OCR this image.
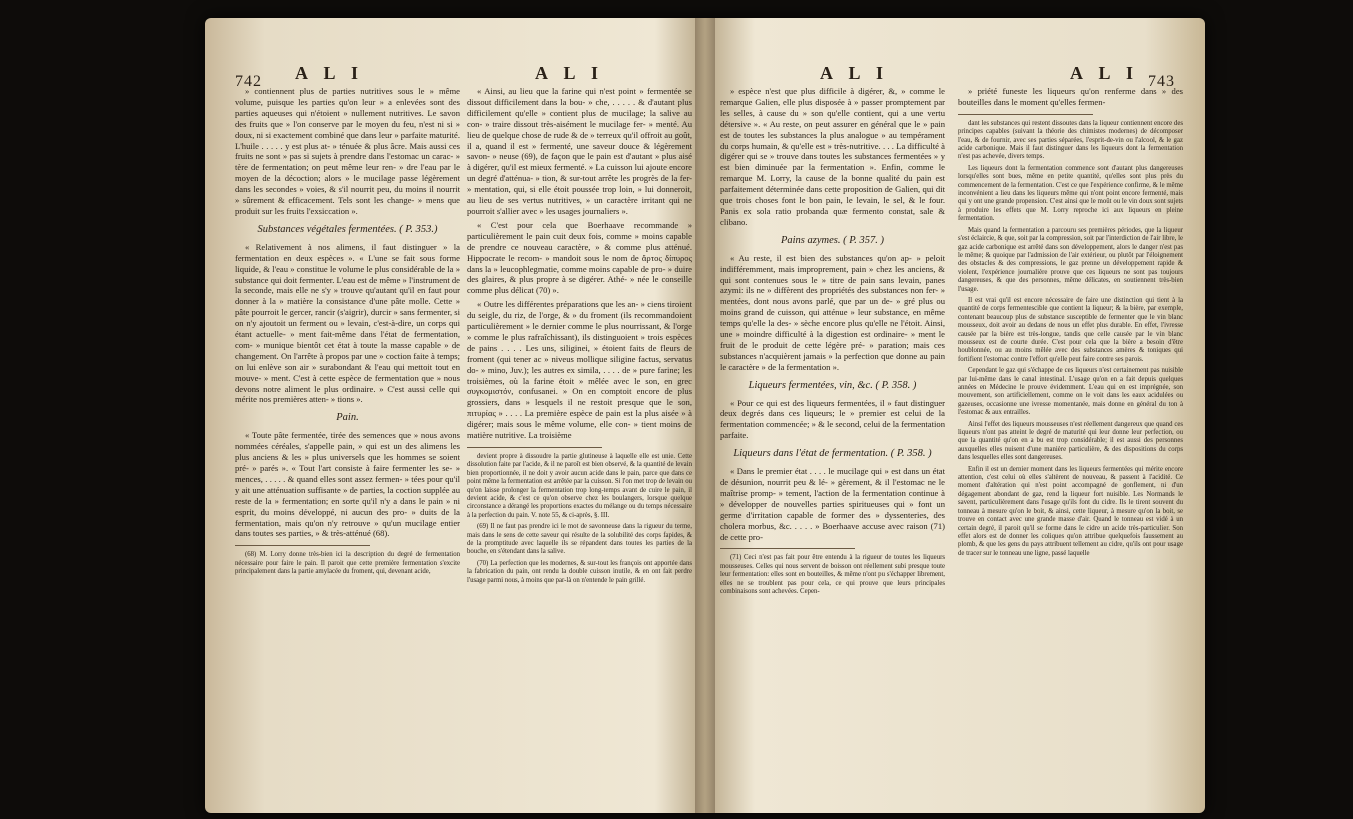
742 A L I	A L I

» contiennent plus de parties nutritives sous le » même volume, puisque les parties qu'on leur » a enlevées sont des parties aqueuses qui n'étoient » nullement nutritives. Le savon des fruits que » l'on conserve par le moyen du feu, n'est ni si » doux, ni si exactement combiné que dans leur » parfaite maturité. L'huile . . . . . y est plus at- » ténuée & plus âcre. Mais aussi ces fruits ne sont » pas si sujets à prendre dans l'estomac un carac- » tère de fermentation; on peut même leur ren- » dre l'eau par le moyen de la décoction; alors » le mucilage passe légèrement dans les secondes » voies, & s'il nourrit peu, du moins il nourrit » sûrement & efficacement. Tels sont les change- » mens que produit sur les fruits l'exsiccation ».

Substances végétales fermentées. ( P. 353.)

« Relativement à nos alimens, il faut distinguer » la fermentation en deux espèces ». « L'une se fait sous forme liquide, & l'eau » constitue le volume le plus considérable de la » substance qui doit fermenter. L'eau est de même » l'instrument de la seconde, mais elle ne s'y » trouve qu'autant qu'il en faut pour donner à la » matière la consistance d'une pâte molle. Cette » pâte pourroit le gercer, rancir (s'aigrir), durcir » sans fermenter, si on n'y ajoutoit un ferment ou » levain, c'est-à-dire, un corps qui étant actuelle- » ment fait-même dans l'état de fermentation, com- » munique bientôt cet état à toute la masse capable » de changement. On l'arrête à propos par une » coction faite à temps; on lui enlève son air » surabondant & l'eau qui mettoit tout en mouve- » ment. C'est à cette espèce de fermentation que » nous devons notre aliment le plus ordinaire. » C'est aussi celle qui mérite nos premières atten- » tions ».

Pain.

« Toute pâte fermentée, tirée des semences que » nous avons nommées céréales, s'appelle pain, » qui est un des alimens les plus anciens & les » plus universels que les hommes se soient pré- » parés ». « Tout l'art consiste à faire fermenter les se- » mences, . . . . . & quand elles sont assez fermen- » tées pour qu'il y ait une atténuation suffisante » de parties, la coction supplée au reste de la » fermentation; en sorte qu'il n'y a dans le pain » ni esprit, du moins développé, ni aucun des pro- » duits de la fermentation, mais qu'on n'y retrouve » qu'un mucilage entier dans toutes ses parties, » & très-atténué (68).

(68) M. Lorry donne très-bien ici la description du degré de fermentation nécessaire pour faire le pain. Il paroit que cette première fermentation s'excite principalement dans la partie amylacée du froment, qui, devenant acide,

« Ainsi, au lieu que la farine qui n'est point » fermentée se dissout difficilement dans la bou- » che, . . . . . & d'autant plus difficilement qu'elle » contient plus de mucilage; la salive au con- » traire dissout très-aisément le mucilage fer- » menté. Au lieu de quelque chose de rude & de » terreux qu'il offroit au goût, il a, quand il est » fermenté, une saveur douce & légèrement savon- » neuse (69), de façon que le pain est d'autant » plus aisé à digérer, qu'il est mieux fermenté. » La cuisson lui ajoute encore un degré d'atténua- » tion, & sur-tout arrête les progrès de la fer- » mentation, qui, si elle étoit poussée trop loin, » lui donneroit, au lieu de ses vertus nutritives, » un caractère irritant qui ne pourroit s'allier avec » les usages journaliers ».

« C'est pour cela que Boerhaave recommande » particulièrement le pain cuit deux fois, comme » moins capable de prendre ce nouveau caractère, » & comme plus atténué. Hippocrate le recom- » mandoit sous le nom de ἄρτος δίπυρος dans la » leucophlegmatie, comme moins capable de pro- » duire des glaires, & plus propre à se digérer. Athé- » née le conseille comme plus délicat (70) ».

« Outre les différentes préparations que les an- » ciens tiroient du seigle, du riz, de l'orge, & » du froment (ils recommandoient particulièrement » le dernier comme le plus nourrissant, & l'orge » comme le plus rafraîchissant), ils distinguoient » trois espèces de pains . . . . Les uns, siliginei, » étoient faits de fleurs de froment (qui tener ac » niveus mollique siligine factus, servatus do- » mino, Juv.); les autres ex simila, . . . . de » pure farine; les troisièmes, où la farine étoit » mêlée avec le son, en grec συγκομιστόν, confusanei. » On en comptoit encore de plus grossiers, dans » lesquels il ne restoit presque que le son, πιτυρίας » . . . . La première espèce de pain est la plus aisée » à digérer; mais sous le même volume, elle con- » tient moins de matière nutritive. La troisième

devient propre à dissoudre la partie glutineuse à laquelle elle est unie. Cette dissolution faite par l'acide, & il ne paroît est bien observé, & la quantité de levain bien proportionnée, il ne doit y avoir aucun acide dans le pain, parce que dans ce point même la fermentation est arrêtée par la cuisson. Si l'on met trop de levain ou qu'on laisse prolonger la fermentation trop long-temps avant de cuire le pain, il devient acide, & c'est ce qu'on observe chez les boulangers, lorsque quelque circonstance a dérangé les proportions exactes du mélange ou du temps nécessaire à la perfection du pain. V. note 55, & ci-après, §. III.

(69) Il ne faut pas prendre ici le mot de savonneuse dans la rigueur du terme, mais dans le sens de cette saveur qui résulte de la solubilité des corps fapides, & de la promptitude avec laquelle ils se répandent dans toutes les parties de la bouche, en s'étendant dans la salive.

(70) La perfection que les modernes, & sur-tout les françois ont apportée dans la fabrication du pain, ont rendu la double cuisson inutile, & en ont fait perdre l'usage parmi nous, à moins que par-là on n'entende le pain grillé.

A L I	A L I 743

» espèce n'est que plus difficile à digérer, &, » comme le remarque Galien, elle plus disposée à » passer promptement par les selles, à cause du » son qu'elle contient, qui a une vertu détersive ». « Au reste, on peut assurer en général que le » pain est de toutes les substances la plus analogue » au tempérament du corps humain, & qu'elle est » très-nutritive. . . . La difficulté à digérer qui se » trouve dans toutes les substances fermentées » y est bien diminuée par la fermentation ». Enfin, comme le remarque M. Lorry, la cause de la bonne qualité du pain est parfaitement déterminée dans cette proposition de Galien, qui dit que trois choses font le bon pain, le levain, le sel, & le four. Panis ex sola ratio probanda quæ fermento constat, sale & clibano.

Pains azymes. ( P. 357. )

« Au reste, il est bien des substances qu'on ap- » peloit indifféremment, mais improprement, pain » chez les anciens, & qui sont contenues sous le » titre de pain sans levain, panes azymi: ils ne » diffèrent des propriétés des substances non fer- » mentées, dont nous avons parlé, que par un de- » gré plus ou moins grand de cuisson, qui atténue » leur substance, en même temps qu'elle la des- » sèche encore plus qu'elle ne l'étoit. Ainsi, une » moindre difficulté à la digestion est ordinaire- » ment le fruit de le produit de cette légère pré- » paration; mais ces substances n'acquièrent jamais » la perfection que donne au pain le caractère » de la fermentation ».

Liqueurs fermentées, vin, &c. ( P. 358. )

« Pour ce qui est des liqueurs fermentées, il » faut distinguer deux degrés dans ces liqueurs; le » premier est celui de la fermentation commencée; » & le second, celui de la fermentation parfaite.

Liqueurs dans l'état de fermentation. ( P. 358. )

« Dans le premier état . . . . le mucilage qui » est dans un état de désunion, nourrit peu & lé- » gèrement, & il l'estomac ne le maîtrise promp- » tement, l'action de la fermentation continue à » développer de nouvelles parties spiritueuses qui » font un germe d'irritation capable de former des » dyssenteries, des cholera morbus, &c. . . . . » Boerhaave accuse avec raison (71) de cette pro-

(71) Ceci n'est pas fait pour être entendu à la rigueur de toutes les liqueurs mousseuses. Celles qui nous servent de boisson ont réellement subi presque toute leur fermentation: elles sont en bouteilles, & même n'ont pu s'échapper librement, elles ne se troublent pas pour cela, ce qui prouve que leurs principales combinaisons sont achevées. Cepen-

» priété funeste les liqueurs qu'on renferme dans » des bouteilles dans le moment qu'elles fermen-

dant les substances qui restent dissoutes dans la liqueur contiennent encore des principes capables (suivant la théorie des chimistes modernes) de décomposer l'eau, & de fournir, avec ses parties séparées, l'esprit-de-vin ou l'alcool, & le gaz acide carbonique. Mais il faut distinguer dans les liqueurs dont la fermentation n'est pas achevée, divers temps.

Les liqueurs dont la fermentation commence sont d'autant plus dangereuses lorsqu'elles sont bues, même en petite quantité, qu'elles sont plus près du commencement de la fermentation. C'est ce que l'expérience confirme, & le même inconvénient a lieu dans les liqueurs même qui n'ont point encore fermenté, mais qui y ont une grande propension. C'est ainsi que le moût ou le vin doux sont sujets à produire les effets que M. Lorry reproche ici aux liqueurs en pleine fermentation.

Mais quand la fermentation a parcouru ses premières périodes, que la liqueur s'est éclaircie, & que, soit par la compression, soit par l'interdiction de l'air libre, le gaz acide carbonique est arrêté dans son développement, alors le danger n'est pas le même; & quoique par l'admission de l'air extérieur, ou plutôt par l'éloignement des obstacles & des compressions, le gaz prenne un développement rapide & violent, l'expérience journalière prouve que ces liqueurs ne sont pas toujours dangereuses, & que des personnes, même délicates, en soutiennent très-bien l'usage.

Il est vrai qu'il est encore nécessaire de faire une distinction qui tient à la quantité de corps fermentescible que contient la liqueur; & la bière, par exemple, contenant beaucoup plus de substance susceptible de fermenter que le vin blanc mousseux, doit avoir au dedans de nous un effet plus durable. En effet, l'ivresse causée par la bière est très-longue, tandis que celle causée par le vin blanc mousseux est de courte durée. C'est pour cela que la bière a besoin d'être houblonnée, ou au moins mêlée avec des substances amères & toniques qui fortifient l'estomac contre l'effort qu'elle peut faire contre ses parois.

Cependant le gaz qui s'échappe de ces liqueurs n'est certainement pas nuisible par lui-même dans le canal intestinal. L'usage qu'on en a fait depuis quelques années en Médecine le prouve évidemment. L'eau qui en est imprégnée, son mouvement, son artificiellement, comme on le voit dans les eaux acidulées ou gazeuses, occasionne une ivresse momentanée, mais donne en général du ton à l'estomac & aux entrailles.

Ainsi l'effet des liqueurs mousseuses n'est réellement dangereux que quand ces liqueurs n'ont pas atteint le degré de maturité qui leur donne leur perfection, ou que la quantité qu'on en a bu est trop considérable; il est aussi des personnes auxquelles elles nuisent d'une manière particulière, & des dispositions du corps dans lesquelles elles sont dangereuses.

Enfin il est un dernier moment dans les liqueurs fermentées qui mérite encore attention, c'est celui où elles s'altèrent de nouveau, & passent à l'acidité. Ce moment d'altération qui n'est point accompagné de gonflement, ni d'un dégagement abondant de gaz, rend la liqueur fort nuisible. Les Normands le savent, particulièrement dans l'usage qu'ils font du cidre. Ils le tirent souvent du tonneau à mesure qu'on le boit, & ainsi, cette liqueur, à mesure qu'on la boit, se trouve en contact avec une grande masse d'air. Quand le tonneau est vidé à un certain degré, il paroit qu'il se forme dans le cidre un acide très-particulier. Son effet alors est de donner les coliques qu'on attribue quelquefois faussement au plomb, & que les gens du pays attribuent tellement au cidre, qu'ils ont pour usage de tracer sur le tonneau une ligne, passé laquelle
